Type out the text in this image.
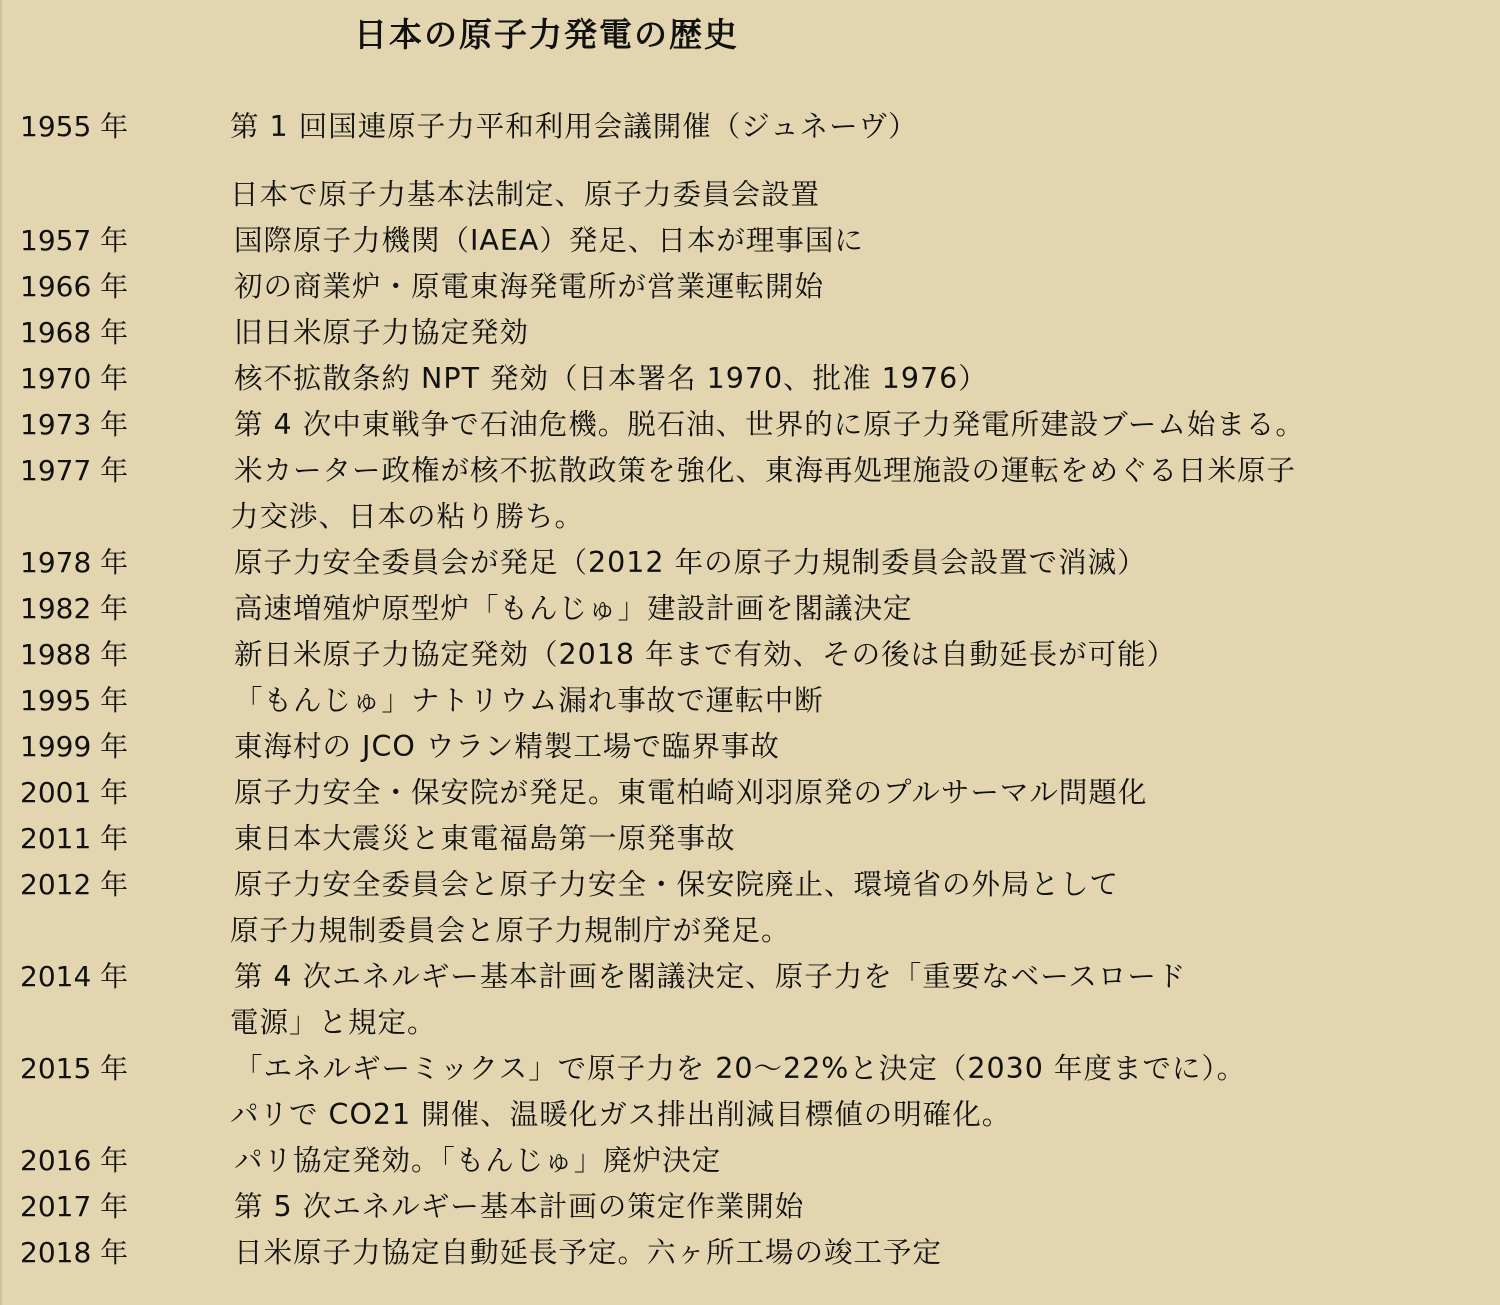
日本の原子力発電の歴史
1955 年	第 1 回国連原子力平和利用会議開催（ジュネーヴ）
日本で原子力基本法制定、原子力委員会設置
1957 年	国際原子力機関（IAEA）発足、日本が理事国に
1966 年	初の商業炉・原電東海発電所が営業運転開始
1968 年	旧日米原子力協定発効
1970 年	核不拡散条約 NPT 発効（日本署名 1970、批准 1976）
1973 年	第 4 次中東戦争で石油危機。脱石油、世界的に原子力発電所建設ブーム始まる。
1977 年	米カーター政権が核不拡散政策を強化、東海再処理施設の運転をめぐる日米原子
力交渉、日本の粘り勝ち。
1978 年	原子力安全委員会が発足（2012 年の原子力規制委員会設置で消滅）
1982 年	高速増殖炉原型炉「もんじゅ」建設計画を閣議決定
1988 年	新日米原子力協定発効（2018 年まで有効、その後は自動延長が可能）
1995 年	「もんじゅ」ナトリウム漏れ事故で運転中断
1999 年	東海村の JCO ウラン精製工場で臨界事故
2001 年	原子力安全・保安院が発足。東電柏崎刈羽原発のプルサーマル問題化
2011 年	東日本大震災と東電福島第一原発事故
2012 年	原子力安全委員会と原子力安全・保安院廃止、環境省の外局として
原子力規制委員会と原子力規制庁が発足。
2014 年	第 4 次エネルギー基本計画を閣議決定、原子力を「重要なベースロード
電源」と規定。
2015 年	「エネルギーミックス」で原子力を 20～22%と決定（2030 年度までに）。
パリで CO21 開催、温暖化ガス排出削減目標値の明確化。
2016 年	パリ協定発効。「もんじゅ」廃炉決定
2017 年	第 5 次エネルギー基本計画の策定作業開始
2018 年	日米原子力協定自動延長予定。六ヶ所工場の竣工予定
